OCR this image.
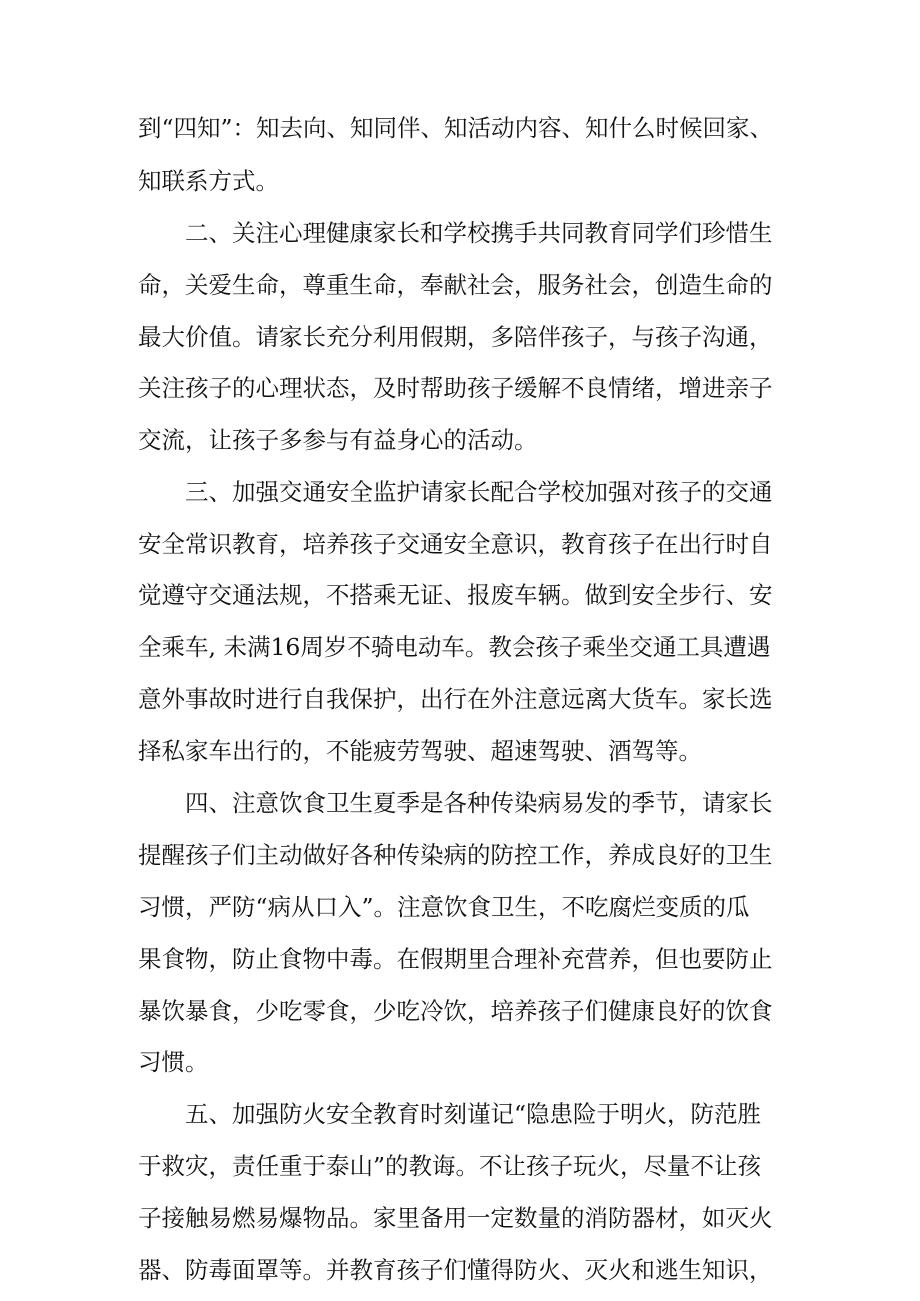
到“四知”：知去向、知同伴、知活动内容、知什么时候回家、

知联系方式。

二、关注心理健康家长和学校携手共同教育同学们珍惜生

命，关爱生命，尊重生命，奉献社会，服务社会，创造生命的

最大价值。请家长充分利用假期，多陪伴孩子，与孩子沟通，

关注孩子的心理状态，及时帮助孩子缓解不良情绪，增进亲子

交流，让孩子多参与有益身心的活动。

三、加强交通安全监护请家长配合学校加强对孩子的交通

安全常识教育，培养孩子交通安全意识，教育孩子在出行时自

觉遵守交通法规，不搭乘无证、报废车辆。做到安全步行、安

全乘车, 未满16周岁不骑电动车。教会孩子乘坐交通工具遭遇

意外事故时进行自我保护，出行在外注意远离大货车。家长选

择私家车出行的，不能疲劳驾驶、超速驾驶、酒驾等。

四、注意饮食卫生夏季是各种传染病易发的季节，请家长

提醒孩子们主动做好各种传染病的防控工作，养成良好的卫生

习惯，严防“病从口入”。注意饮食卫生，不吃腐烂变质的瓜

果食物，防止食物中毒。在假期里合理补充营养，但也要防止

暴饮暴食，少吃零食，少吃冷饮，培养孩子们健康良好的饮食

习惯。

五、加强防火安全教育时刻谨记“隐患险于明火，防范胜

于救灾，责任重于泰山”的教诲。不让孩子玩火，尽量不让孩

子接触易燃易爆物品。家里备用一定数量的消防器材，如灭火

器、防毒面罩等。并教育孩子们懂得防火、灭火和逃生知识，
